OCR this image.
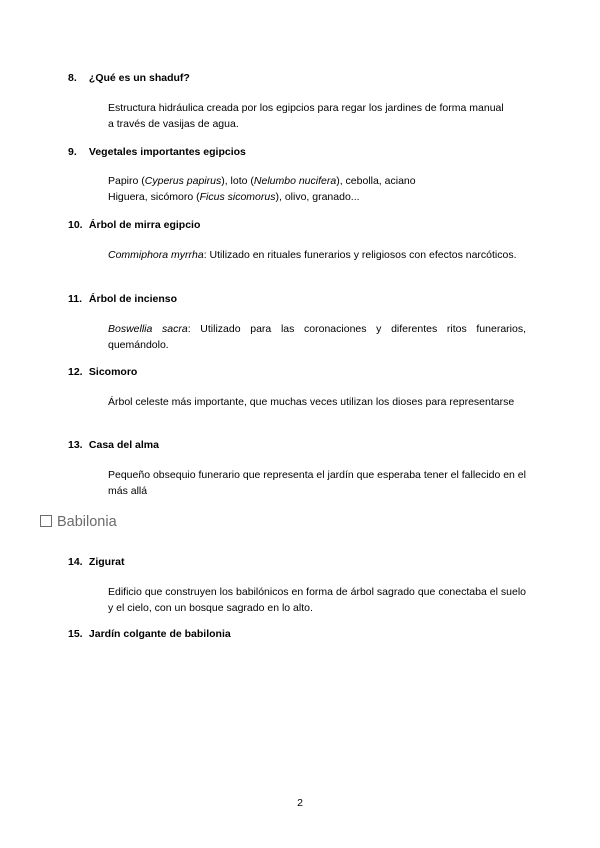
8. ¿Qué es un shaduf?
Estructura hidráulica creada por los egipcios para regar los jardines de forma manual
a través de vasijas de agua.
9. Vegetales importantes egipcios
Papiro (Cyperus papirus), loto (Nelumbo nucifera), cebolla, aciano
Higuera, sicómoro (Ficus sicomorus), olivo, granado...
10. Árbol de mirra egipcio
Commiphora myrrha: Utilizado en rituales funerarios y religiosos con efectos narcóticos.
11. Árbol de incienso
Boswellia sacra: Utilizado para las coronaciones y diferentes ritos funerarios, quemándolo.
12. Sicomoro
Árbol celeste más importante, que muchas veces utilizan los dioses para representarse
13. Casa del alma
Pequeño obsequio funerario que representa el jardín que esperaba tener el fallecido en el más allá
Babilonia
14. Zigurat
Edificio que construyen los babilónicos en forma de árbol sagrado que conectaba el suelo y el cielo, con un bosque sagrado en lo alto.
15. Jardín colgante de babilonia
2
